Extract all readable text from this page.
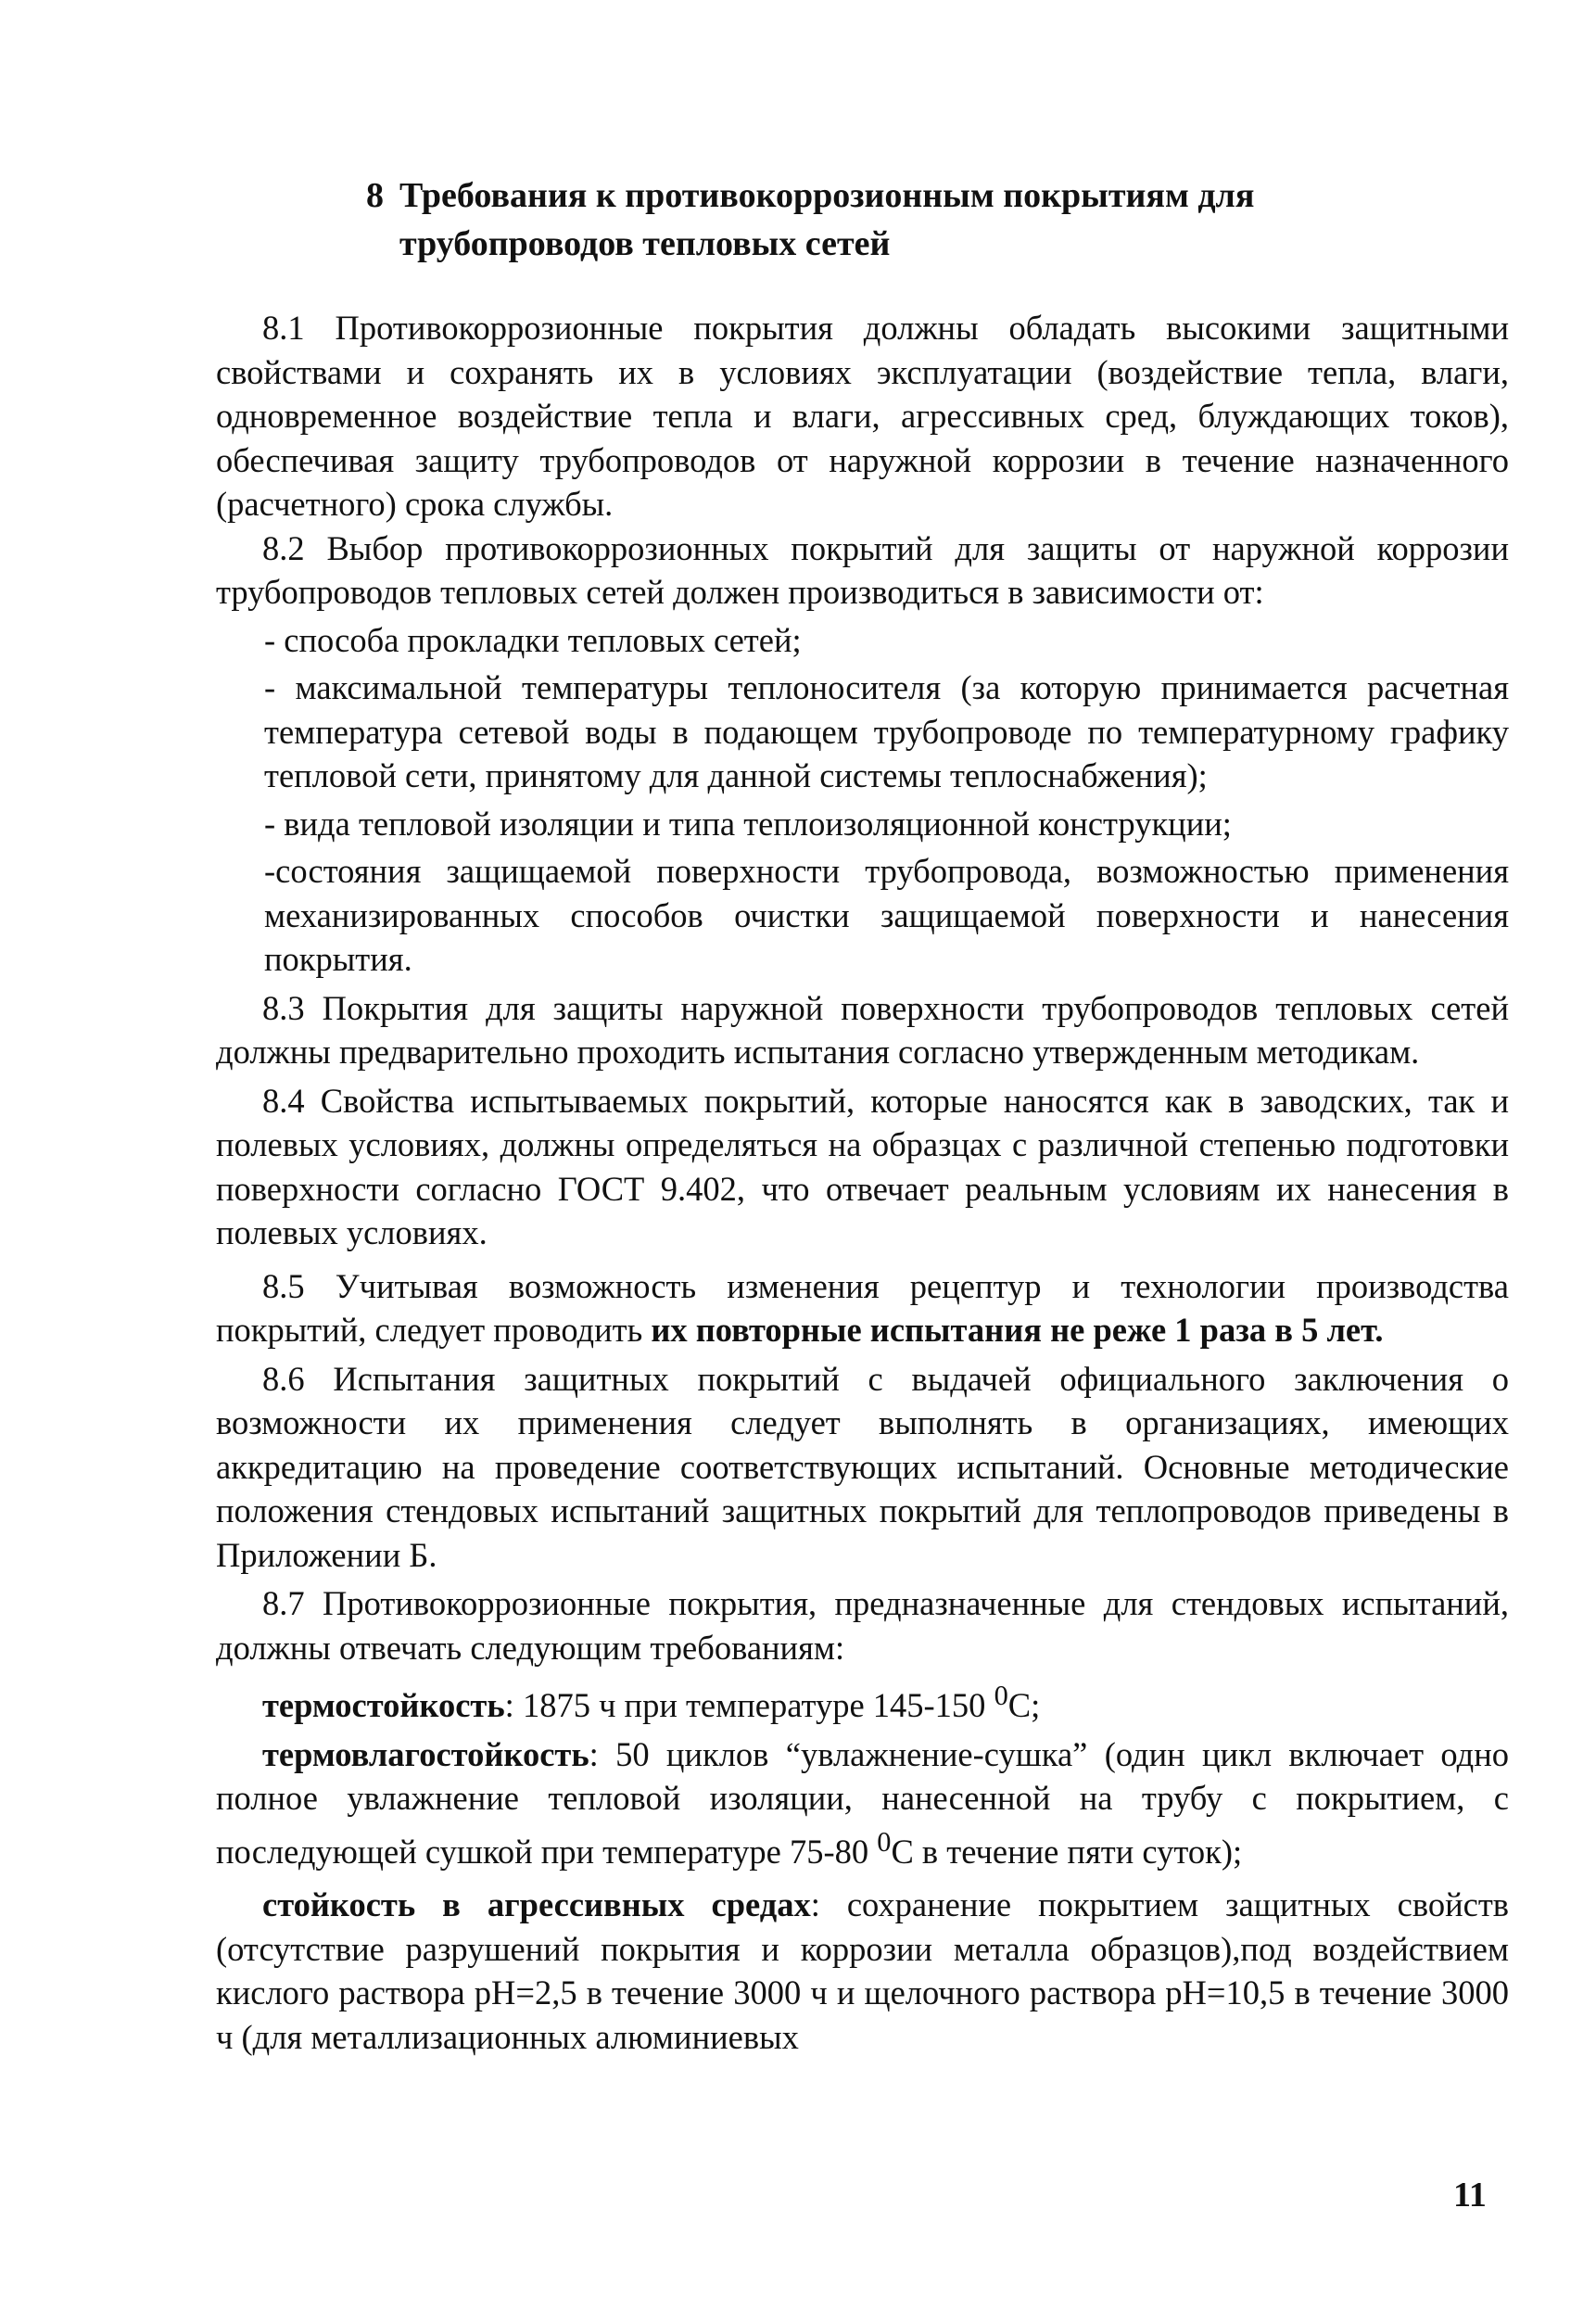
8 Требования к противокоррозионным покрытиям для
трубопроводов тепловых сетей

8.1 Противокоррозионные покрытия должны обладать высокими защитными свойствами и сохранять их в условиях эксплуатации (воздействие тепла, влаги, одновременное воздействие тепла и влаги, агрессивных сред, блуждающих токов), обеспечивая защиту трубопроводов от наружной коррозии в течение назначенного (расчетного) срока службы.

8.2 Выбор противокоррозионных покрытий для защиты от наружной коррозии трубопроводов тепловых сетей должен производиться в зависимости от:

- способа прокладки тепловых сетей;

- максимальной температуры теплоносителя (за которую принимается расчетная температура сетевой воды в подающем трубопроводе по температурному графику тепловой сети, принятому для данной системы теплоснабжения);

- вида тепловой изоляции и типа теплоизоляционной конструкции;

-состояния защищаемой поверхности трубопровода, возможностью применения механизированных способов очистки защищаемой поверхности и нанесения покрытия.

8.3 Покрытия для защиты наружной поверхности трубопроводов тепловых сетей должны предварительно проходить испытания согласно утвержденным методикам.

8.4 Свойства испытываемых покрытий, которые наносятся как в заводских, так и полевых условиях, должны определяться на образцах с различной степенью подготовки поверхности согласно ГОСТ 9.402, что отвечает реальным условиям их нанесения в полевых условиях.

8.5 Учитывая возможность изменения рецептур и технологии производства покрытий, следует проводить их повторные испытания не реже 1 раза в 5 лет.

8.6 Испытания защитных покрытий с выдачей официального заключения о возможности их применения следует выполнять в организациях, имеющих аккредитацию на проведение соответствующих испытаний. Основные методические положения стендовых испытаний защитных покрытий для теплопроводов приведены в Приложении Б.

8.7 Противокоррозионные покрытия, предназначенные для стендовых испытаний, должны отвечать следующим требованиям:

термостойкость: 1875 ч при температуре 145-150 $^0$С;

термовлагостойкость: 50 циклов “увлажнение-сушка” (один цикл включает одно полное увлажнение тепловой изоляции, нанесенной на трубу с покрытием, с последующей сушкой при температуре 75-80 $^0$С в течение пяти суток);

стойкость в агрессивных средах: сохранение покрытием защитных свойств (отсутствие разрушений покрытия и коррозии металла образцов),под воздействием кислого раствора pH=2,5 в течение 3000 ч и щелочного раствора pH=10,5 в течение 3000 ч (для металлизационных алюминиевых

11
